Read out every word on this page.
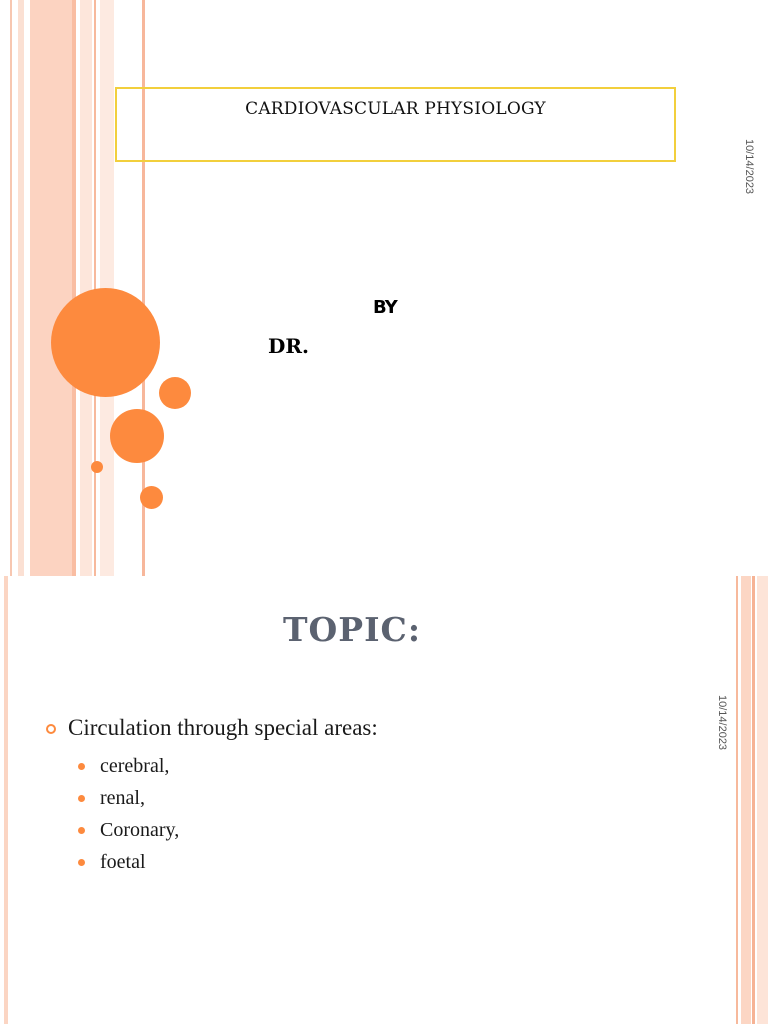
CARDIOVASCULAR PHYSIOLOGY
BY
DR.
10/14/2023
TOPIC:
Circulation through special areas:
cerebral,
renal,
Coronary,
foetal
10/14/2023
